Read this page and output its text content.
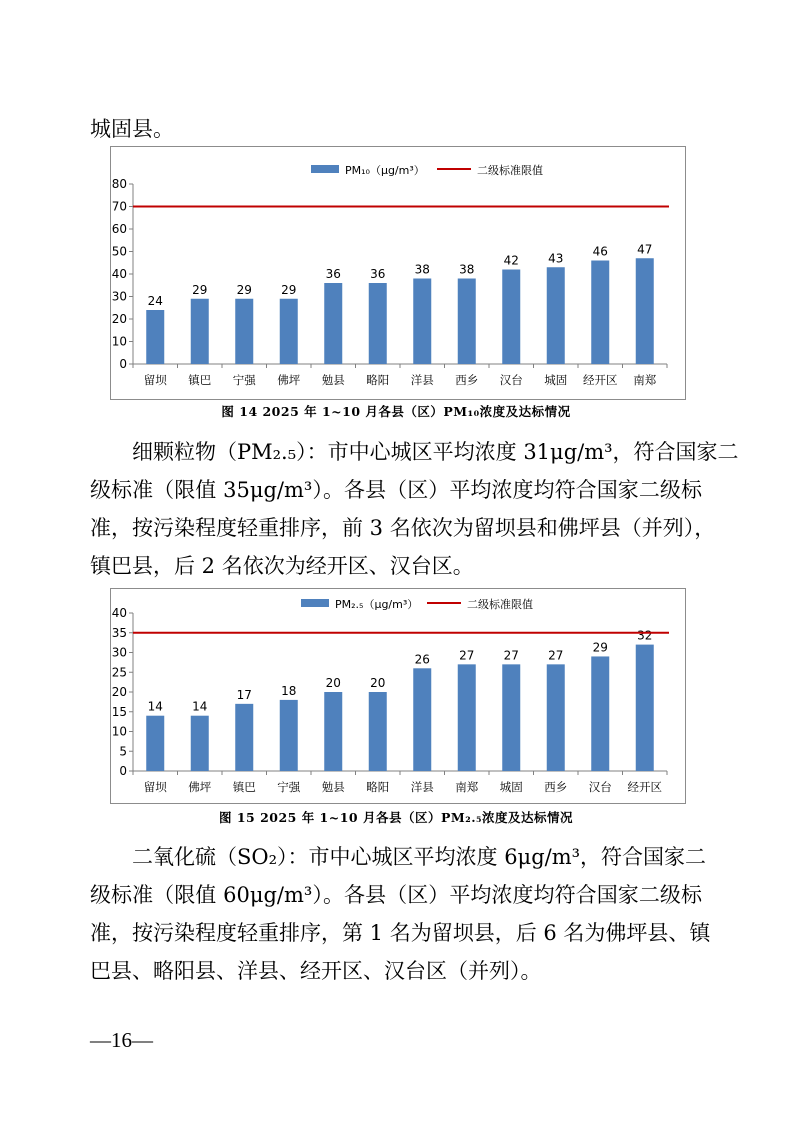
城固县。

PM₁₀（μg/m³）	二级标准限值
0
10
20
30
40
50
60
70
80
24
留坝
29
镇巴
29
宁强
29
佛坪
36
勉县
36
略阳
38
洋县
38
西乡
42
汉台
43
城固
46
经开区
47
南郑
图 14 2025 年 1~10 月各县（区）PM₁₀浓度及达标情况

细颗粒物（PM₂.₅）：市中心城区平均浓度 31μg/m³，符合国家二
级标准（限值 35μg/m³）。各县（区）平均浓度均符合国家二级标
准，按污染程度轻重排序，前 3 名依次为留坝县和佛坪县（并列），
镇巴县，后 2 名依次为经开区、汉台区。

PM₂.₅（μg/m³）	二级标准限值
0
5
10
15
20
25
30
35
40
14
留坝
14
佛坪
17
镇巴
18
宁强
20
勉县
20
略阳
26
洋县
27
南郑
27
城固
27
西乡
29
汉台
32
经开区
图 15 2025 年 1~10 月各县（区）PM₂.₅浓度及达标情况

二氧化硫（SO₂）：市中心城区平均浓度 6μg/m³，符合国家二
级标准（限值 60μg/m³）。各县（区）平均浓度均符合国家二级标
准，按污染程度轻重排序，第 1 名为留坝县，后 6 名为佛坪县、镇
巴县、略阳县、洋县、经开区、汉台区（并列）。

—16—
